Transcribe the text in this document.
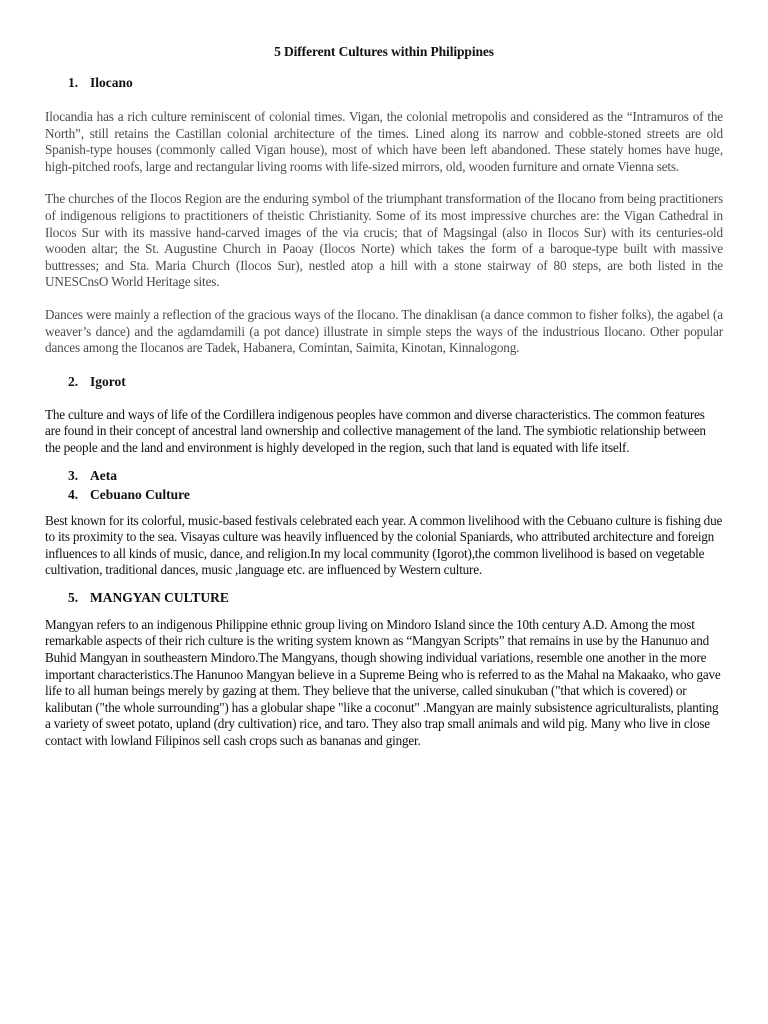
5 Different Cultures within Philippines
1. Ilocano

Ilocandia has a rich culture reminiscent of colonial times. Vigan, the colonial metropolis and considered as the “Intramuros of the North”, still retains the Castillan colonial architecture of the times. Lined along its narrow and cobble-stoned streets are old Spanish-type houses (commonly called Vigan house), most of which have been left abandoned. These stately homes have huge, high-pitched roofs, large and rectangular living rooms with life-sized mirrors, old, wooden furniture and ornate Vienna sets.

The churches of the Ilocos Region are the enduring symbol of the triumphant transformation of the Ilocano from being practitioners of indigenous religions to practitioners of theistic Christianity. Some of its most impressive churches are: the Vigan Cathedral in Ilocos Sur with its massive hand-carved images of the via crucis; that of Magsingal (also in Ilocos Sur) with its centuries-old wooden altar; the St. Augustine Church in Paoay (Ilocos Norte) which takes the form of a baroque-type built with massive buttresses; and Sta. Maria Church (Ilocos Sur), nestled atop a hill with a stone stairway of 80 steps, are both listed in the UNESCnsO World Heritage sites.

Dances were mainly a reflection of the gracious ways of the Ilocano. The dinaklisan (a dance common to fisher folks), the agabel (a weaver’s dance) and the agdamdamili (a pot dance) illustrate in simple steps the ways of the industrious Ilocano. Other popular dances among the Ilocanos are Tadek, Habanera, Comintan, Saimita, Kinotan, Kinnalogong.

2. Igorot

The culture and ways of life of the Cordillera indigenous peoples have common and diverse characteristics. The common features are found in their concept of ancestral land ownership and collective management of the land. The symbiotic relationship between the people and the land and environment is highly developed in the region, such that land is equated with life itself.

3. Aeta
4. Cebuano Culture

Best known for its colorful, music-based festivals celebrated each year. A common livelihood with the Cebuano culture is fishing due to its proximity to the sea. Visayas culture was heavily influenced by the colonial Spaniards, who attributed architecture and foreign influences to all kinds of music, dance, and religion.In my local community (Igorot),the common livelihood is based on vegetable cultivation, traditional dances, music ,language etc. are influenced by Western culture.

5. MANGYAN CULTURE

Mangyan refers to an indigenous Philippine ethnic group living on Mindoro Island since the 10th century A.D. Among the most remarkable aspects of their rich culture is the writing system known as “Mangyan Scripts” that remains in use by the Hanunuo and Buhid Mangyan in southeastern Mindoro.The Mangyans, though showing individual variations, resemble one another in the more important characteristics.The Hanunoo Mangyan believe in a Supreme Being who is referred to as the Mahal na Makaako, who gave life to all human beings merely by gazing at them. They believe that the universe, called sinukuban ("that which is covered) or kalibutan ("the whole surrounding") has a globular shape "like a coconut" .Mangyan are mainly subsistence agriculturalists, planting a variety of sweet potato, upland (dry cultivation) rice, and taro. They also trap small animals and wild pig. Many who live in close contact with lowland Filipinos sell cash crops such as bananas and ginger.
